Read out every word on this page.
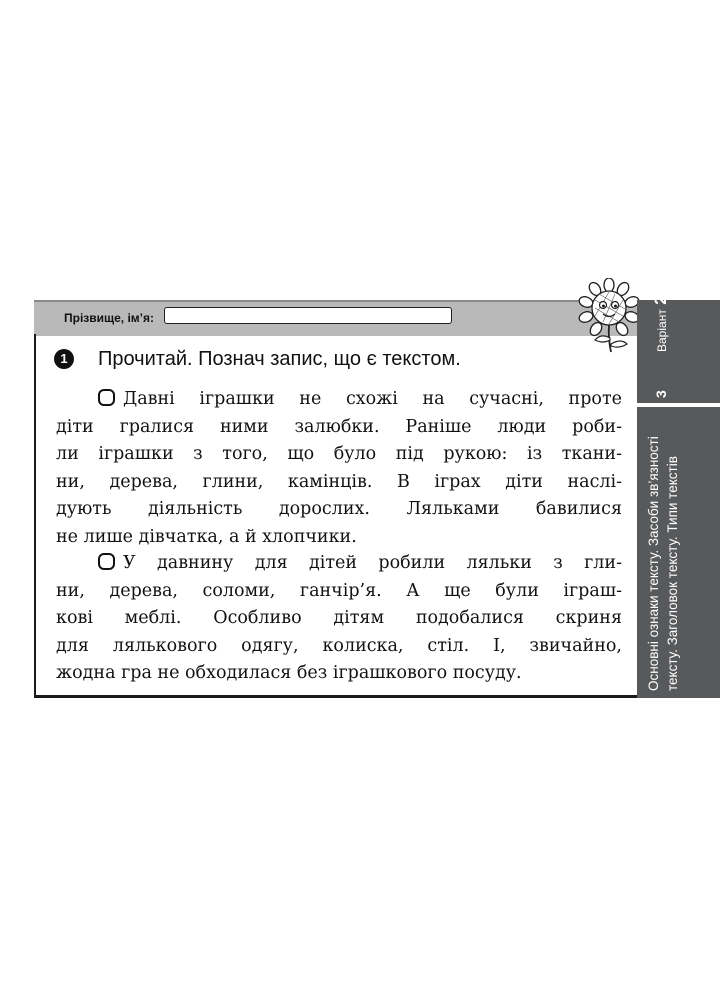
Прізвище, ім’я:
1	Прочитай. Познач запис, що є текстом.
Давні іграшки не схожі на сучасні, проте
діти гралися ними залюбки. Раніше люди роби-
ли іграшки з того, що було під рукою: із ткани-
ни, дерева, глини, камінців. В іграх діти наслі-
дують діяльність дорослих. Ляльками бавилися
не лише дівчатка, а й хлопчики.
У давнину для дітей робили ляльки з гли-
ни, дерева, соломи, ганчір’я. А ще були іграш-
кові меблі. Особливо дітям подобалися скриня
для лялькового одягу, колиска, стіл. І, звичайно,
жодна гра не обходилася без іграшкового посуду.
3
Варіант 2
Основні ознаки тексту. Засоби зв’язності тексту. Заголовок тексту. Типи текстів
